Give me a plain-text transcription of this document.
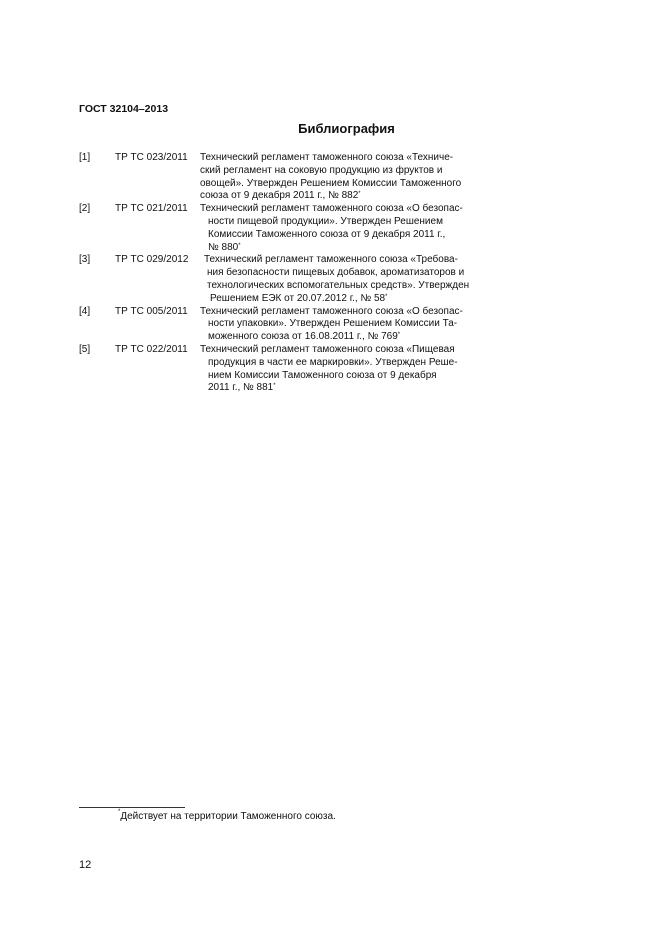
ГОСТ 32104–2013
Библиография
[1]	ТР ТС 023/2011 Технический регламент таможенного союза «Техниче-
ский регламент на соковую продукцию из фруктов и
овощей». Утвержден Решением Комиссии Таможенного
союза от 9 декабря 2011 г., № 882*
[2]	ТР ТС 021/2011 Технический регламент таможенного союза «О безопас-
ности пищевой продукции». Утвержден Решением
Комиссии Таможенного союза от 9 декабря 2011 г.,
№ 880*
[3]	ТР ТС 029/2012 Технический регламент таможенного союза «Требова-
ния безопасности пищевых добавок, ароматизаторов и
технологических вспомогательных средств». Утвержден
Решением ЕЭК от 20.07.2012 г., № 58*
[4]	ТР ТС 005/2011 Технический регламент таможенного союза «О безопас-
ности упаковки». Утвержден Решением Комиссии Та-
моженного союза от 16.08.2011 г., № 769*
[5]	ТР ТС 022/2011 Технический регламент таможенного союза «Пищевая
продукция в части ее маркировки». Утвержден Реше-
нием Комиссии Таможенного союза от 9 декабря
2011 г., № 881*
*Действует на территории Таможенного союза.
12
